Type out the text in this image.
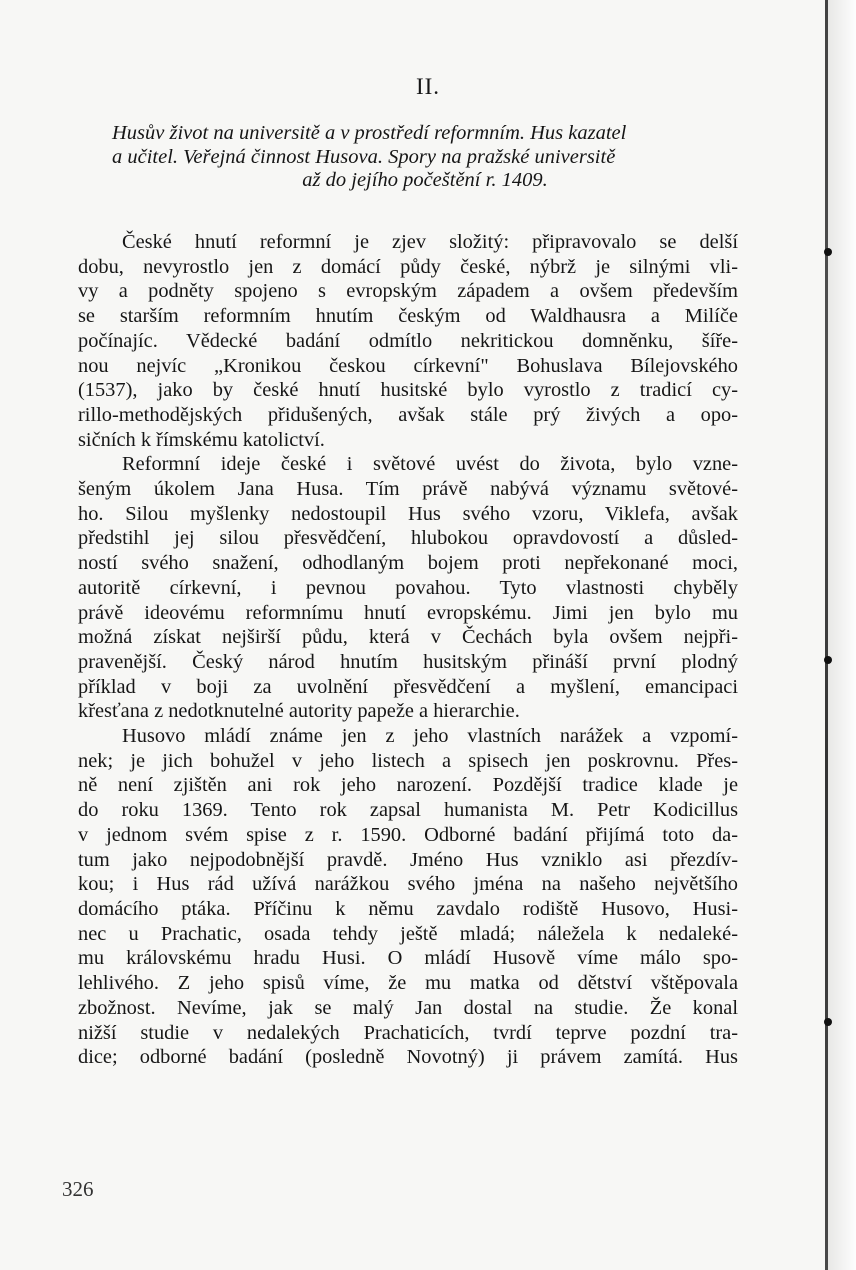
II.
Husův život na universitě a v prostředí reformním. Hus kazatel
a učitel. Veřejná činnost Husova. Spory na pražské universitě
až do jejího počeštění r. 1409.
České hnutí reformní je zjev složitý: připravovalo se delší
dobu, nevyrostlo jen z domácí půdy české, nýbrž je silnými vli-
vy a podněty spojeno s evropským západem a ovšem především
se starším reformním hnutím českým od Waldhausra a Milíče
počínajíc. Vědecké badání odmítlo nekritickou domněnku, šíře-
nou nejvíc „Kronikou českou církevní" Bohuslava Bílejovského
(1537), jako by české hnutí husitské bylo vyrostlo z tradicí cy-
rillo-methodějských přidušených, avšak stále prý živých a opo-
sičních k římskému katolictví.
Reformní ideje české i světové uvést do života, bylo vzne-
šeným úkolem Jana Husa. Tím právě nabývá významu světové-
ho. Silou myšlenky nedostoupil Hus svého vzoru, Viklefa, avšak
předstihl jej silou přesvědčení, hlubokou opravdovostí a důsled-
ností svého snažení, odhodlaným bojem proti nepřekonané moci,
autoritě církevní, i pevnou povahou. Tyto vlastnosti chyběly
právě ideovému reformnímu hnutí evropskému. Jimi jen bylo mu
možná získat nejširší půdu, která v Čechách byla ovšem nejpři-
pravenější. Český národ hnutím husitským přináší první plodný
příklad v boji za uvolnění přesvědčení a myšlení, emancipaci
křesťana z nedotknutelné autority papeže a hierarchie.
Husovo mládí známe jen z jeho vlastních narážek a vzpomí-
nek; je jich bohužel v jeho listech a spisech jen poskrovnu. Přes-
ně není zjištěn ani rok jeho narození. Pozdější tradice klade je
do roku 1369. Tento rok zapsal humanista M. Petr Kodicillus
v jednom svém spise z r. 1590. Odborné badání přijímá toto da-
tum jako nejpodobnější pravdě. Jméno Hus vzniklo asi přezdív-
kou; i Hus rád užívá narážkou svého jména na našeho největšího
domácího ptáka. Příčinu k němu zavdalo rodiště Husovo, Husi-
nec u Prachatic, osada tehdy ještě mladá; náležela k nedaleké-
mu královskému hradu Husi. O mládí Husově víme málo spo-
lehlivého. Z jeho spisů víme, že mu matka od dětství vštěpovala
zbožnost. Nevíme, jak se malý Jan dostal na studie. Že konal
nižší studie v nedalekých Prachaticích, tvrdí teprve pozdní tra-
dice; odborné badání (posledně Novotný) ji právem zamítá. Hus
326
